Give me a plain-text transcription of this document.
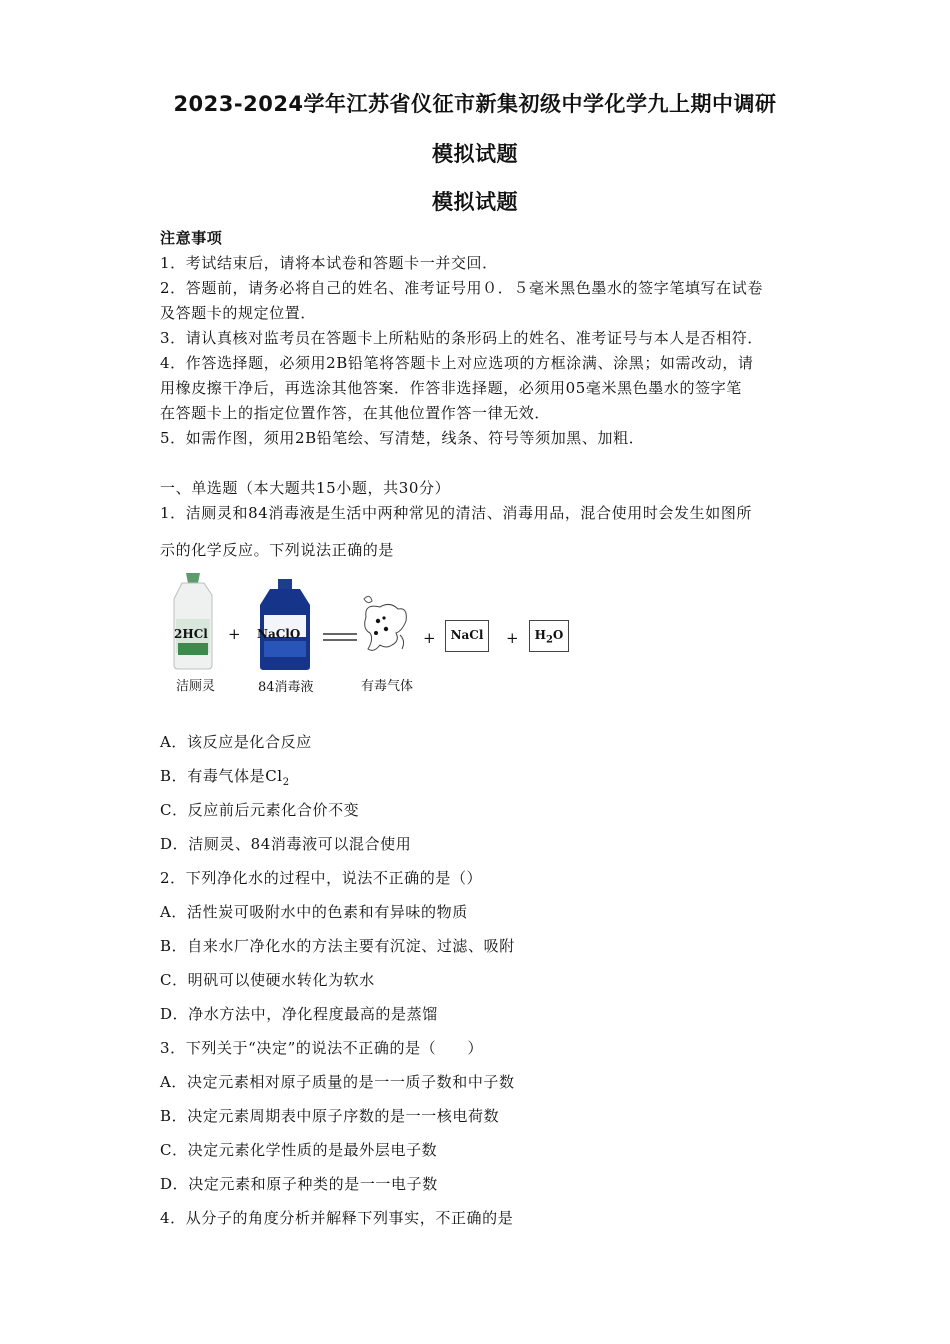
2023-2024学年江苏省仪征市新集初级中学化学九上期中调研
模拟试题
模拟试题
注意事项
1．考试结束后，请将本试卷和答题卡一并交回．
2．答题前，请务必将自己的姓名、准考证号用０．５毫米黑色墨水的签字笔填写在试卷
及答题卡的规定位置．
3．请认真核对监考员在答题卡上所粘贴的条形码上的姓名、准考证号与本人是否相符．
4．作答选择题，必须用2B铅笔将答题卡上对应选项的方框涂满、涂黑；如需改动，请
用橡皮擦干净后，再选涂其他答案．作答非选择题，必须用05毫米黑色墨水的签字笔
在答题卡上的指定位置作答，在其他位置作答一律无效．
5．如需作图，须用2B铅笔绘、写清楚，线条、符号等须加黑、加粗．
一、单选题（本大题共15小题，共30分）
1．洁厕灵和84消毒液是生活中两种常见的清洁、消毒用品，混合使用时会发生如图所
示的化学反应。下列说法正确的是
2HCl
洁厕灵
+ NaClO
84消毒液	有毒气体
+	NaCl	+	$H_2O$
A．该反应是化合反应
B．有毒气体是$Cl_2$
C．反应前后元素化合价不变
D．洁厕灵、84消毒液可以混合使用
2．下列净化水的过程中，说法不正确的是（）
A．活性炭可吸附水中的色素和有异味的物质
B．自来水厂净化水的方法主要有沉淀、过滤、吸附
C．明矾可以使硬水转化为软水
D．净水方法中，净化程度最高的是蒸馏
3．下列关于“决定”的说法不正确的是（　　）
A．决定元素相对原子质量的是一一质子数和中子数
B．决定元素周期表中原子序数的是一一核电荷数
C．决定元素化学性质的是最外层电子数
D．决定元素和原子种类的是一一电子数
4．从分子的角度分析并解释下列事实，不正确的是
